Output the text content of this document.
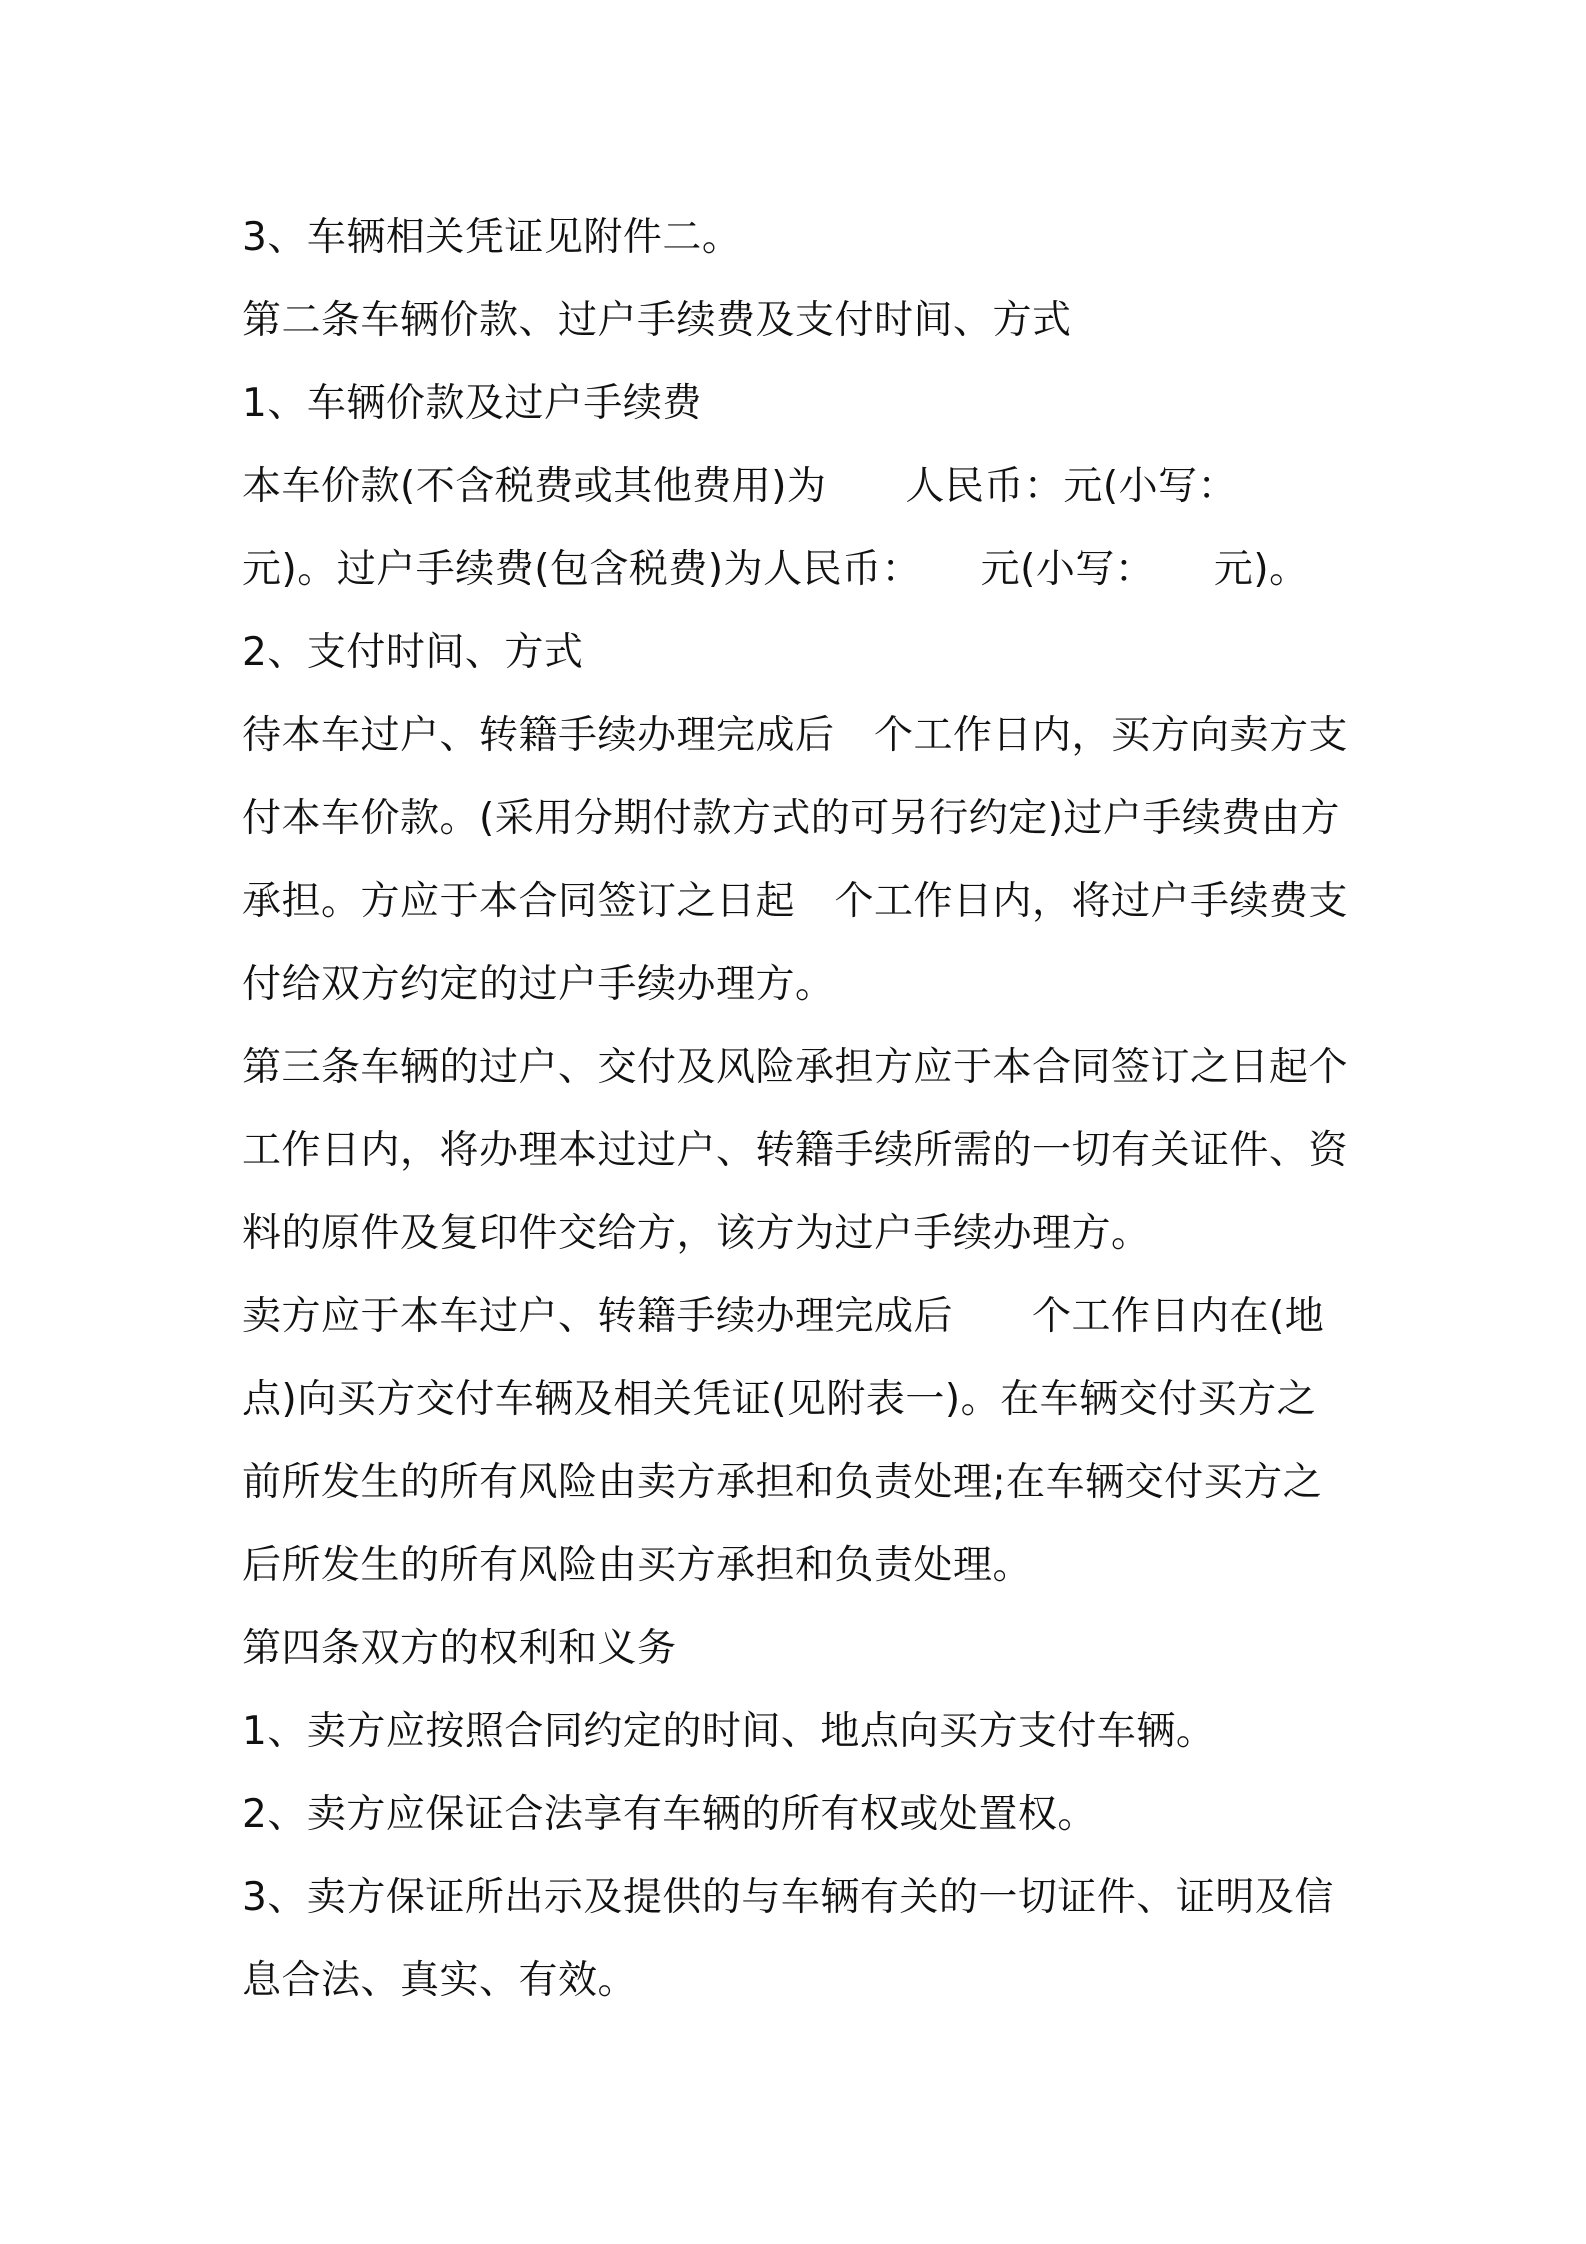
3、车辆相关凭证见附件二。

第二条车辆价款、过户手续费及支付时间、方式

1、车辆价款及过户手续费

本车价款(不含税费或其他费用)为　　人民币：元(小写：　　元)。过户手续费(包含税费)为人民币：　　元(小写：　　元)。

2、支付时间、方式

待本车过户、转籍手续办理完成后　个工作日内，买方向卖方支付本车价款。(采用分期付款方式的可另行约定)过户手续费由方承担。方应于本合同签订之日起　个工作日内，将过户手续费支付给双方约定的过户手续办理方。

第三条车辆的过户、交付及风险承担方应于本合同签订之日起个工作日内，将办理本过过户、转籍手续所需的一切有关证件、资料的原件及复印件交给方，该方为过户手续办理方。

卖方应于本车过户、转籍手续办理完成后　　个工作日内在(地点)向买方交付车辆及相关凭证(见附表一)。在车辆交付买方之前所发生的所有风险由卖方承担和负责处理;在车辆交付买方之后所发生的所有风险由买方承担和负责处理。

第四条双方的权利和义务

1、卖方应按照合同约定的时间、地点向买方支付车辆。

2、卖方应保证合法享有车辆的所有权或处置权。

3、卖方保证所出示及提供的与车辆有关的一切证件、证明及信息合法、真实、有效。
